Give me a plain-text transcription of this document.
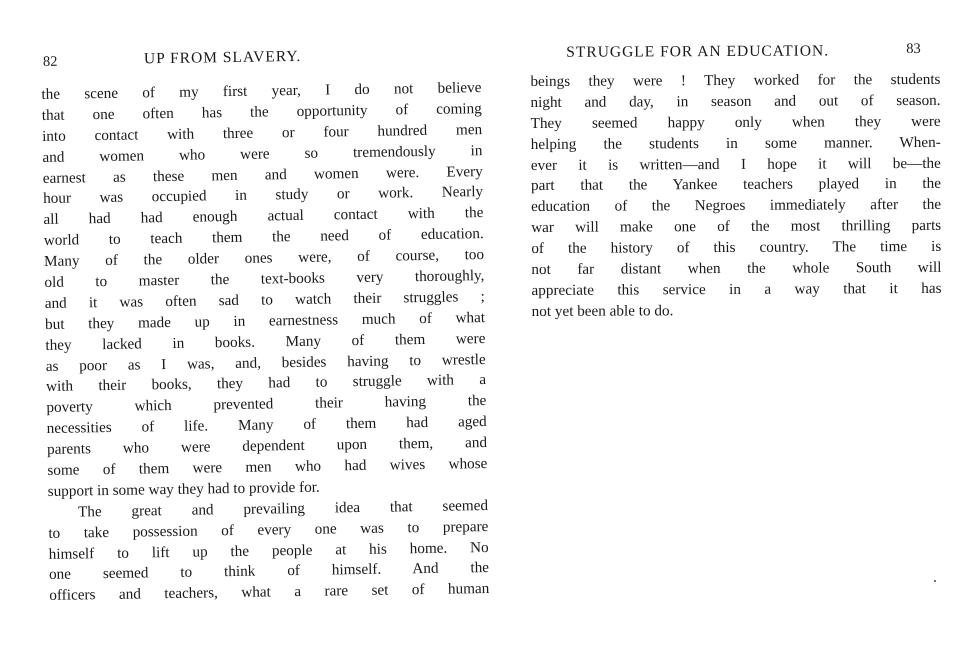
82	UP FROM SLAVERY.
the scene of my first year, I do not believe
that one often has the opportunity of coming
into contact with three or four hundred men
and women who were so tremendously in
earnest as these men and women were. Every
hour was occupied in study or work. Nearly
all had had enough actual contact with the
world to teach them the need of education.
Many of the older ones were, of course, too
old to master the text-books very thoroughly,
and it was often sad to watch their struggles ;
but they made up in earnestness much of what
they lacked in books. Many of them were
as poor as I was, and, besides having to wrestle
with their books, they had to struggle with a
poverty which prevented their having the
necessities of life. Many of them had aged
parents who were dependent upon them, and
some of them were men who had wives whose
support in some way they had to provide for.
The great and prevailing idea that seemed
to take possession of every one was to prepare
himself to lift up the people at his home. No
one seemed to think of himself. And the
officers and teachers, what a rare set of human
STRUGGLE FOR AN EDUCATION.	83
beings they were ! They worked for the students
night and day, in season and out of season.
They seemed happy only when they were
helping the students in some manner. When-
ever it is written—and I hope it will be—the
part that the Yankee teachers played in the
education of the Negroes immediately after the
war will make one of the most thrilling parts
of the history of this country. The time is
not far distant when the whole South will
appreciate this service in a way that it has
not yet been able to do.
